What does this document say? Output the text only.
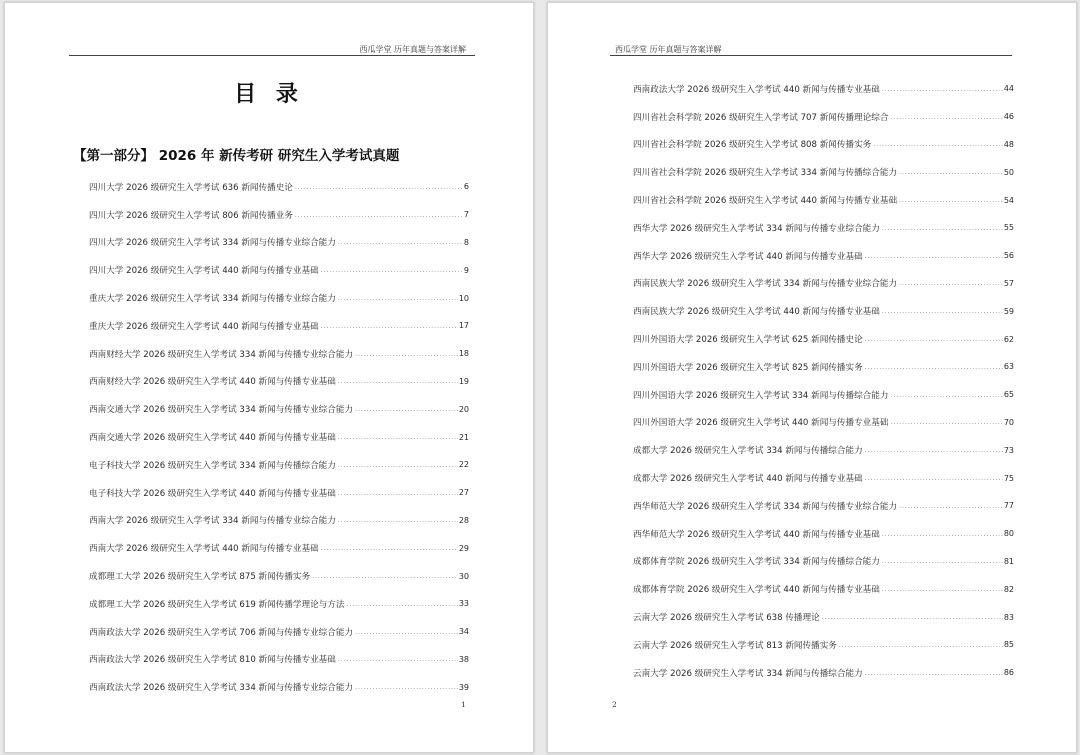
西瓜学堂 历年真题与答案详解
目 录
【第一部分】 2026 年 新传考研 研究生入学考试真题
四川大学 2026 级研究生入学考试 636 新闻传播史论 .....	6
四川大学 2026 级研究生入学考试 806 新闻传播业务 .....	7
四川大学 2026 级研究生入学考试 334 新闻与传播专业综合能力 .....	8
四川大学 2026 级研究生入学考试 440 新闻与传播专业基础 .....	9
重庆大学 2026 级研究生入学考试 334 新闻与传播专业综合能力 .....	10
重庆大学 2026 级研究生入学考试 440 新闻与传播专业基础 .....	17
西南财经大学 2026 级研究生入学考试 334 新闻与传播专业综合能力 .....	18
西南财经大学 2026 级研究生入学考试 440 新闻与传播专业基础 .....	19
西南交通大学 2026 级研究生入学考试 334 新闻与传播专业综合能力 .....	20
西南交通大学 2026 级研究生入学考试 440 新闻与传播专业基础 .....	21
电子科技大学 2026 级研究生入学考试 334 新闻与传播综合能力 .....	22
电子科技大学 2026 级研究生入学考试 440 新闻与传播专业基础 .....	27
西南大学 2026 级研究生入学考试 334 新闻与传播专业综合能力 .....	28
西南大学 2026 级研究生入学考试 440 新闻与传播专业基础 .....	29
成都理工大学 2026 级研究生入学考试 875 新闻传播实务 .....	30
成都理工大学 2026 级研究生入学考试 619 新闻传播学理论与方法 .....	33
西南政法大学 2026 级研究生入学考试 706 新闻与传播专业综合能力 .....	34
西南政法大学 2026 级研究生入学考试 810 新闻与传播专业基础 .....	38
西南政法大学 2026 级研究生入学考试 334 新闻与传播专业综合能力 .....	39
1
西瓜学堂 历年真题与答案详解
西南政法大学 2026 级研究生入学考试 440 新闻与传播专业基础 .....	44
四川省社会科学院 2026 级研究生入学考试 707 新闻传播理论综合 .....	46
四川省社会科学院 2026 级研究生入学考试 808 新闻传播实务 .....	48
四川省社会科学院 2026 级研究生入学考试 334 新闻与传播综合能力 .....	50
四川省社会科学院 2026 级研究生入学考试 440 新闻与传播专业基础 .....	54
西华大学 2026 级研究生入学考试 334 新闻与传播专业综合能力 .....	55
西华大学 2026 级研究生入学考试 440 新闻与传播专业基础 .....	56
西南民族大学 2026 级研究生入学考试 334 新闻与传播专业综合能力 .....	57
西南民族大学 2026 级研究生入学考试 440 新闻与传播专业基础 .....	59
四川外国语大学 2026 级研究生入学考试 625 新闻传播史论 .....	62
四川外国语大学 2026 级研究生入学考试 825 新闻传播实务 .....	63
四川外国语大学 2026 级研究生入学考试 334 新闻与传播综合能力 .....	65
四川外国语大学 2026 级研究生入学考试 440 新闻与传播专业基础 .....	70
成都大学 2026 级研究生入学考试 334 新闻与传播综合能力 .....	73
成都大学 2026 级研究生入学考试 440 新闻与传播专业基础 .....	75
西华师范大学 2026 级研究生入学考试 334 新闻与传播专业综合能力 .....	77
西华师范大学 2026 级研究生入学考试 440 新闻与传播专业基础 .....	80
成都体育学院 2026 级研究生入学考试 334 新闻与传播综合能力 .....	81
成都体育学院 2026 级研究生入学考试 440 新闻与传播专业基础 .....	82
云南大学 2026 级研究生入学考试 638 传播理论 .....	83
云南大学 2026 级研究生入学考试 813 新闻传播实务 .....	85
云南大学 2026 级研究生入学考试 334 新闻与传播综合能力 .....	86
2
